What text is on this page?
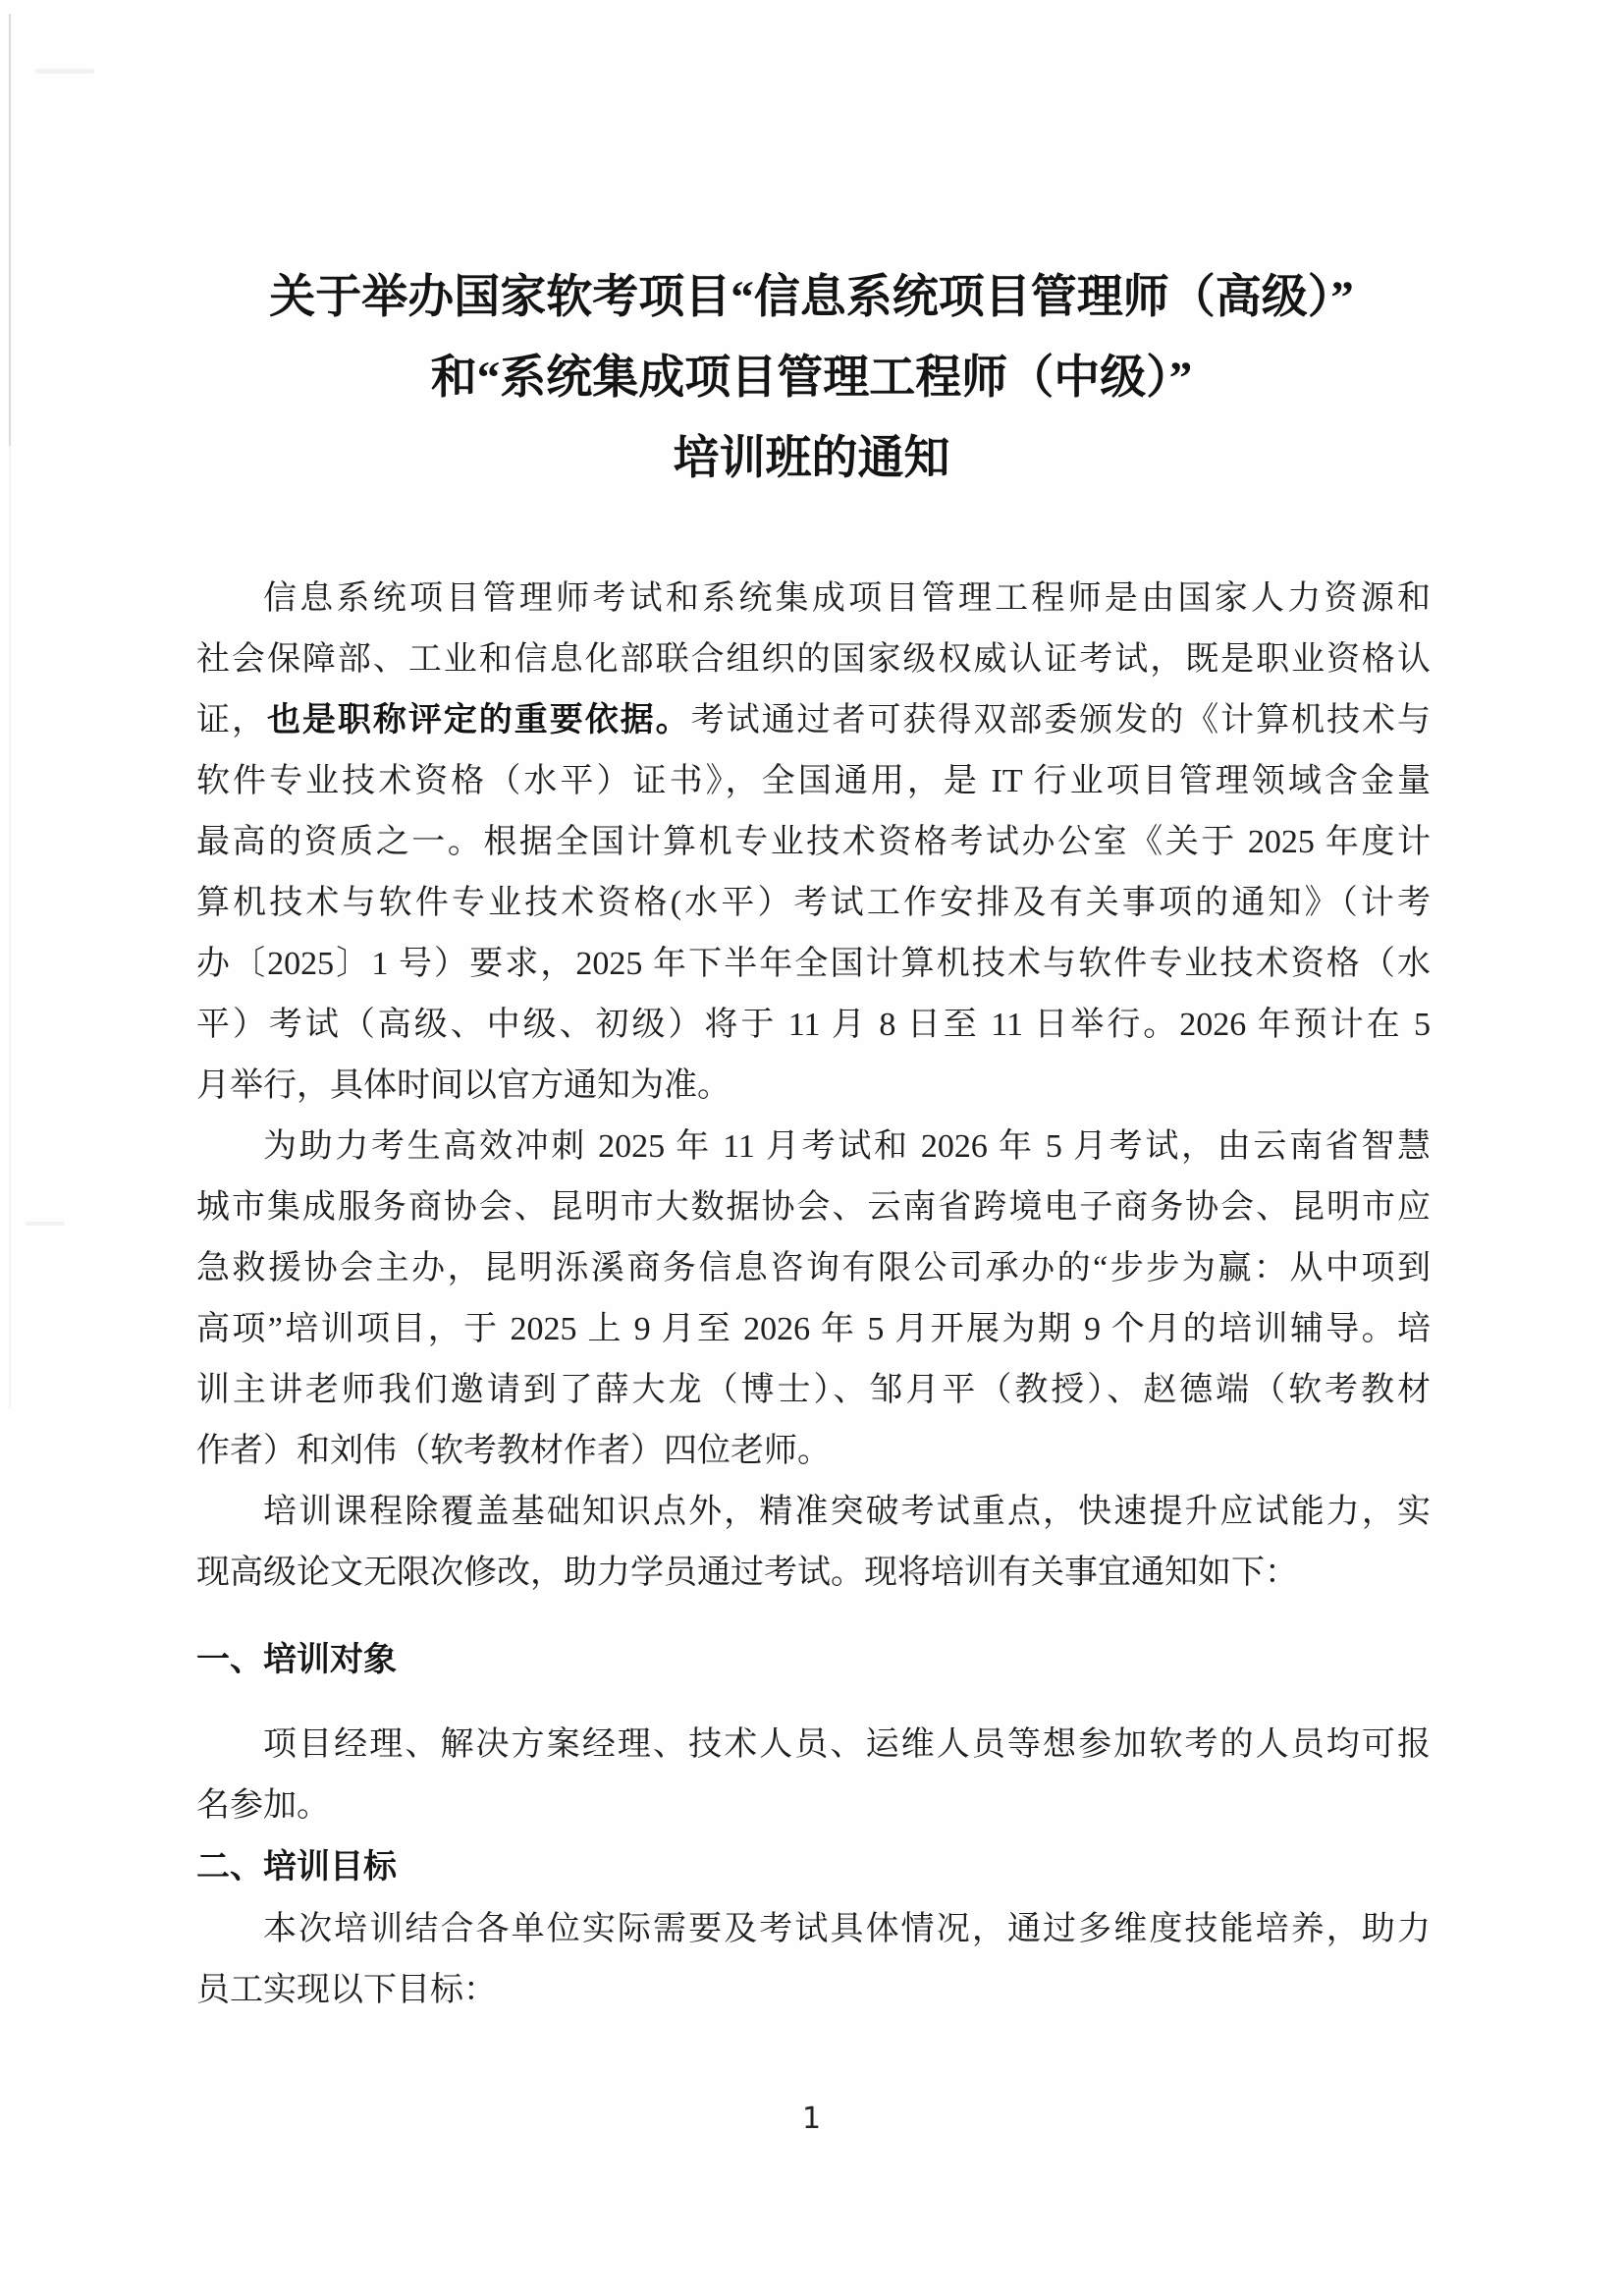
关于举办国家软考项目“信息系统项目管理师（高级）”

和“系统集成项目管理工程师（中级）”

培训班的通知

信息系统项目管理师考试和系统集成项目管理工程师是由国家人力资源和

社会保障部、工业和信息化部联合组织的国家级权威认证考试，既是职业资格认

证，也是职称评定的重要依据。考试通过者可获得双部委颁发的《计算机技术与

软件专业技术资格（水平）证书》，全国通用，是 IT 行业项目管理领域含金量

最高的资质之一。根据全国计算机专业技术资格考试办公室《关于 2025 年度计

算机技术与软件专业技术资格(水平）考试工作安排及有关事项的通知》（计考

办〔2025〕1 号）要求，2025 年下半年全国计算机技术与软件专业技术资格（水

平）考试（高级、中级、初级）将于 11 月 8 日至 11 日举行。2026 年预计在 5

月举行，具体时间以官方通知为准。

为助力考生高效冲刺 2025 年 11 月考试和 2026 年 5 月考试，由云南省智慧

城市集成服务商协会、昆明市大数据协会、云南省跨境电子商务协会、昆明市应

急救援协会主办，昆明泺溪商务信息咨询有限公司承办的“步步为赢：从中项到

高项”培训项目，于 2025 上 9 月至 2026 年 5 月开展为期 9 个月的培训辅导。培

训主讲老师我们邀请到了薛大龙（博士）、邹月平（教授）、赵德端（软考教材

作者）和刘伟（软考教材作者）四位老师。

培训课程除覆盖基础知识点外，精准突破考试重点，快速提升应试能力，实

现高级论文无限次修改，助力学员通过考试。现将培训有关事宜通知如下：

一、培训对象

项目经理、解决方案经理、技术人员、运维人员等想参加软考的人员均可报

名参加。

二、培训目标

本次培训结合各单位实际需要及考试具体情况，通过多维度技能培养，助力

员工实现以下目标：

1
